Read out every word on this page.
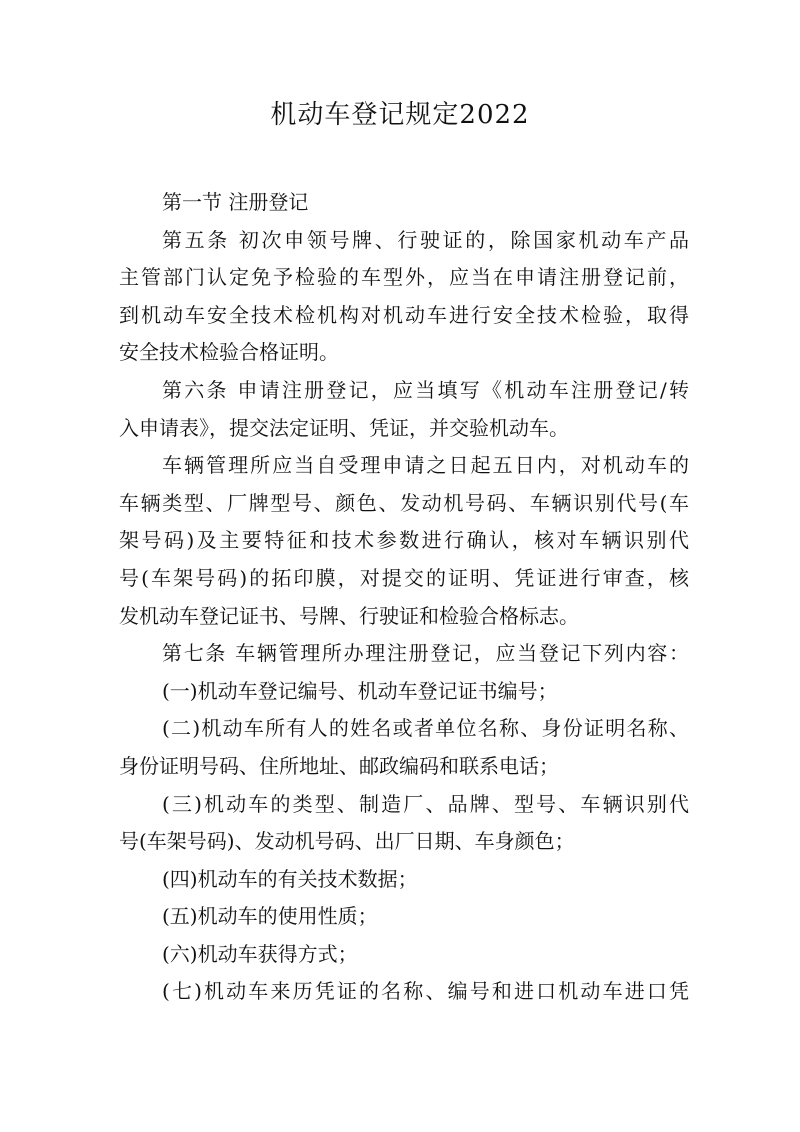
机动车登记规定2022
第一节 注册登记
第五条 初次申领号牌、行驶证的，除国家机动车产品
主管部门认定免予检验的车型外，应当在申请注册登记前，
到机动车安全技术检机构对机动车进行安全技术检验，取得
安全技术检验合格证明。
第六条 申请注册登记，应当填写《机动车注册登记/转
入申请表》，提交法定证明、凭证，并交验机动车。
车辆管理所应当自受理申请之日起五日内，对机动车的
车辆类型、厂牌型号、颜色、发动机号码、车辆识别代号(车
架号码)及主要特征和技术参数进行确认，核对车辆识别代
号(车架号码)的拓印膜，对提交的证明、凭证进行审查，核
发机动车登记证书、号牌、行驶证和检验合格标志。
第七条 车辆管理所办理注册登记，应当登记下列内容：
(一)机动车登记编号、机动车登记证书编号；
(二)机动车所有人的姓名或者单位名称、身份证明名称、
身份证明号码、住所地址、邮政编码和联系电话；
(三)机动车的类型、制造厂、品牌、型号、车辆识别代
号(车架号码)、发动机号码、出厂日期、车身颜色；
(四)机动车的有关技术数据；
(五)机动车的使用性质；
(六)机动车获得方式；
(七)机动车来历凭证的名称、编号和进口机动车进口凭
